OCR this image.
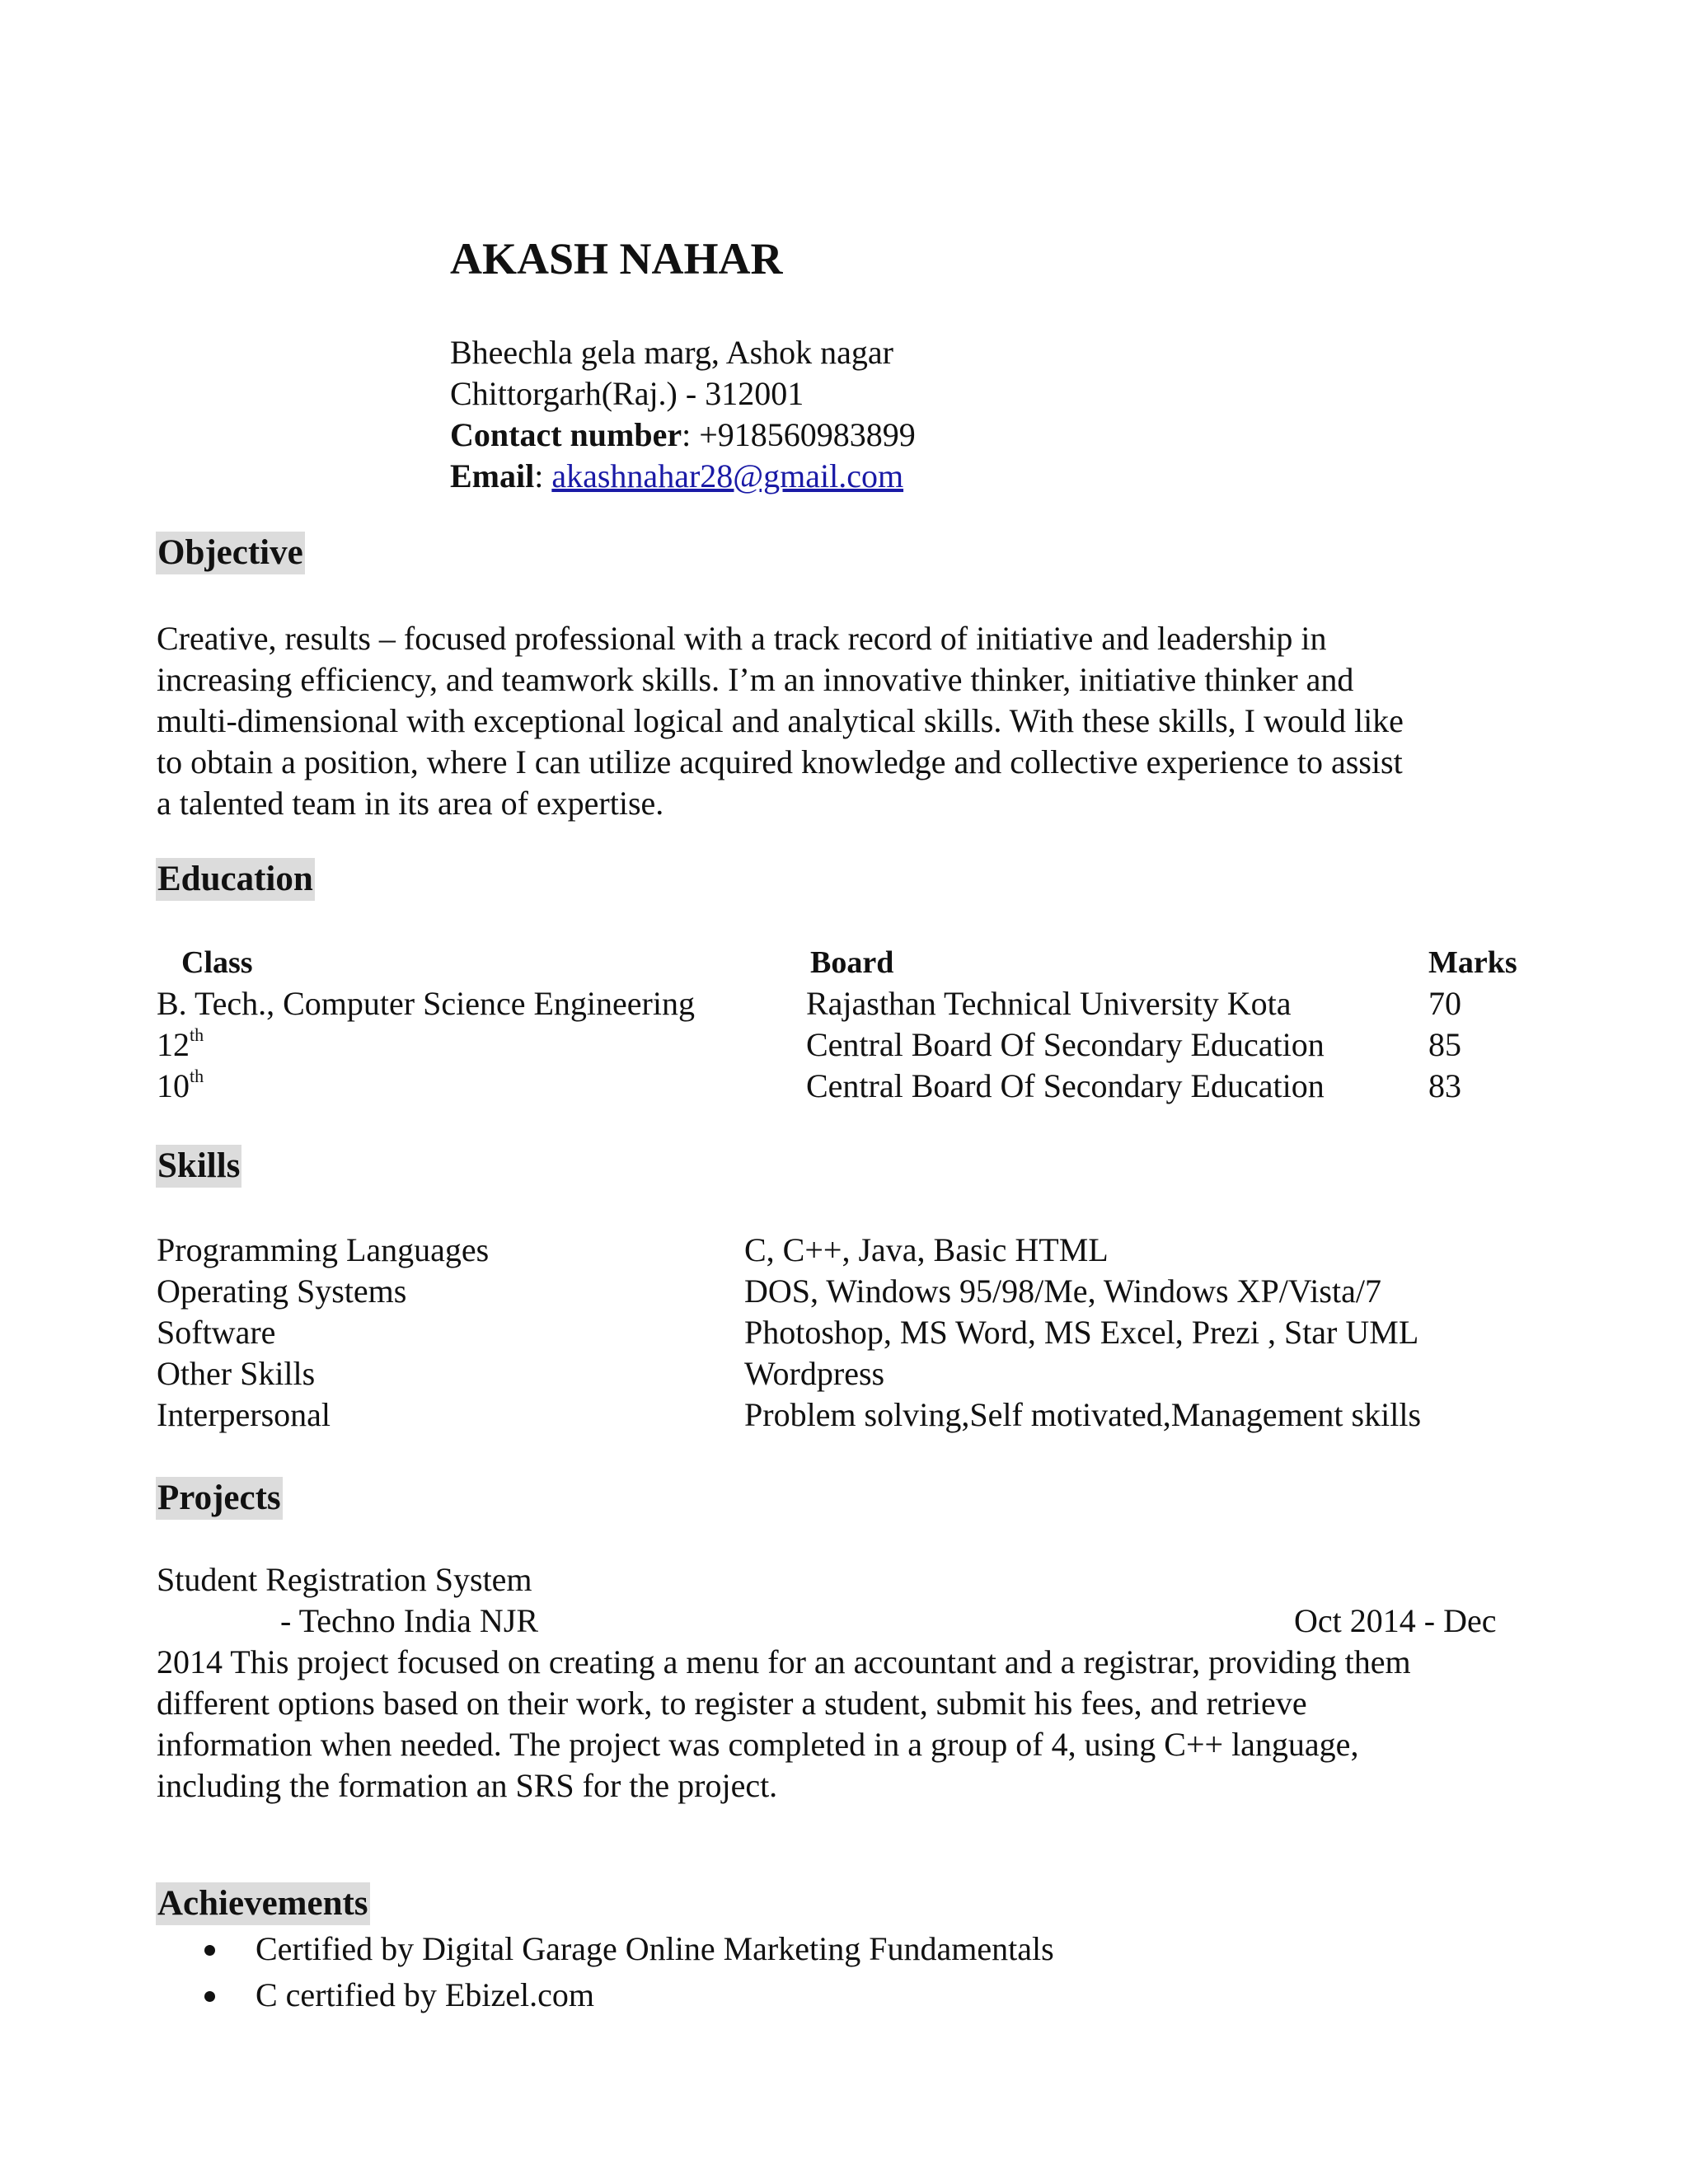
AKASH NAHAR
Bheechla gela marg, Ashok nagar
Chittorgarh(Raj.) - 312001
Contact number: +918560983899
Email: akashnahar28@gmail.com
Objective
Creative, results – focused professional with a track record of initiative and leadership in
increasing efficiency, and teamwork skills. I’m an innovative thinker, initiative thinker and
multi-dimensional with exceptional logical and analytical skills. With these skills, I would like
to obtain a position, where I can utilize acquired knowledge and collective experience to assist
a talented team in its area of expertise.
Education
Class	Board	Marks
B. Tech., Computer Science Engineering	Rajasthan Technical University Kota	70
12th	Central Board Of Secondary Education	85
10th	Central Board Of Secondary Education	83
Skills
Programming Languages	C, C++, Java, Basic HTML
Operating Systems	DOS, Windows 95/98/Me, Windows XP/Vista/7
Software	Photoshop, MS Word, MS Excel, Prezi , Star UML
Other Skills	Wordpress
Interpersonal	Problem solving,Self motivated,Management skills
Projects
Student Registration System
- Techno India NJR	Oct 2014 - Dec
2014 This project focused on creating a menu for an accountant and a registrar, providing them
different options based on their work, to register a student, submit his fees, and retrieve
information when needed. The project was completed in a group of 4, using C++ language,
including the formation an SRS for the project.
Achievements
Certified by Digital Garage Online Marketing Fundamentals
C certified by Ebizel.com
